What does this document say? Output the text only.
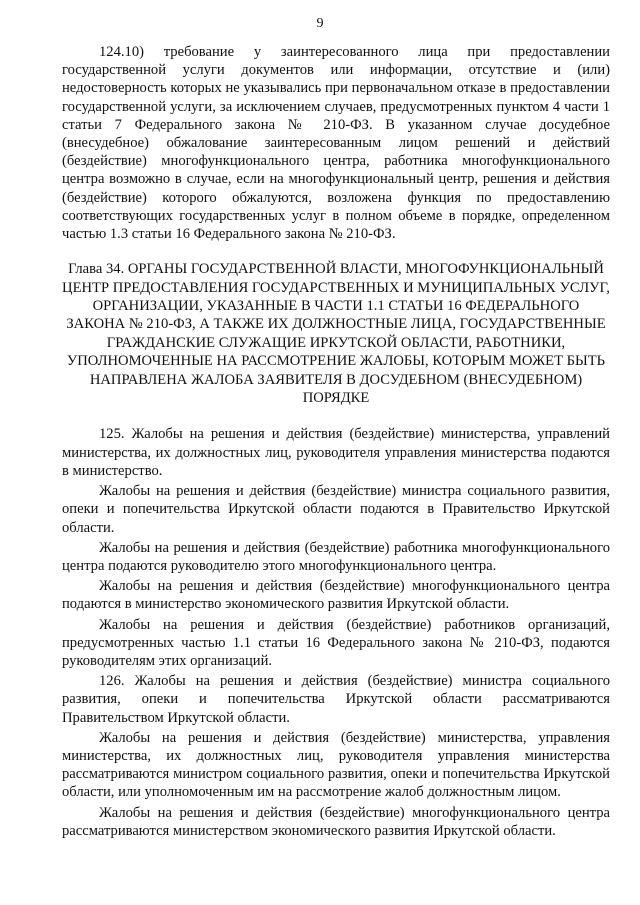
9

124.10) требование у заинтересованного лица при предоставлении государственной услуги документов или информации, отсутствие и (или) недостоверность которых не указывались при первоначальном отказе в предоставлении государственной услуги, за исключением случаев, предусмотренных пунктом 4 части 1 статьи 7 Федерального закона № 210-ФЗ. В указанном случае досудебное (внесудебное) обжалование заинтересованным лицом решений и действий (бездействие) многофункционального центра, работника многофункционального центра возможно в случае, если на многофункциональный центр, решения и действия (бездействие) которого обжалуются, возложена функция по предоставлению соответствующих государственных услуг в полном объеме в порядке, определенном частью 1.3 статьи 16 Федерального закона № 210-ФЗ.

Глава 34. ОРГАНЫ ГОСУДАРСТВЕННОЙ ВЛАСТИ, МНОГОФУНКЦИОНАЛЬНЫЙ ЦЕНТР ПРЕДОСТАВЛЕНИЯ ГОСУДАРСТВЕННЫХ И МУНИЦИПАЛЬНЫХ УСЛУГ, ОРГАНИЗАЦИИ, УКАЗАННЫЕ В ЧАСТИ 1.1 СТАТЬИ 16 ФЕДЕРАЛЬНОГО ЗАКОНА № 210-ФЗ, А ТАКЖЕ ИХ ДОЛЖНОСТНЫЕ ЛИЦА, ГОСУДАРСТВЕННЫЕ ГРАЖДАНСКИЕ СЛУЖАЩИЕ ИРКУТСКОЙ ОБЛАСТИ, РАБОТНИКИ, УПОЛНОМОЧЕННЫЕ НА РАССМОТРЕНИЕ ЖАЛОБЫ, КОТОРЫМ МОЖЕТ БЫТЬ НАПРАВЛЕНА ЖАЛОБА ЗАЯВИТЕЛЯ В ДОСУДЕБНОМ (ВНЕСУДЕБНОМ) ПОРЯДКЕ

125. Жалобы на решения и действия (бездействие) министерства, управлений министерства, их должностных лиц, руководителя управления министерства подаются в министерство.

Жалобы на решения и действия (бездействие) министра социального развития, опеки и попечительства Иркутской области подаются в Правительство Иркутской области.

Жалобы на решения и действия (бездействие) работника многофункционального центра подаются руководителю этого многофункционального центра.

Жалобы на решения и действия (бездействие) многофункционального центра подаются в министерство экономического развития Иркутской области.

Жалобы на решения и действия (бездействие) работников организаций, предусмотренных частью 1.1 статьи 16 Федерального закона № 210-ФЗ, подаются руководителям этих организаций.

126. Жалобы на решения и действия (бездействие) министра социального развития, опеки и попечительства Иркутской области рассматриваются Правительством Иркутской области.

Жалобы на решения и действия (бездействие) министерства, управления министерства, их должностных лиц, руководителя управления министерства рассматриваются министром социального развития, опеки и попечительства Иркутской области, или уполномоченным им на рассмотрение жалоб должностным лицом.

Жалобы на решения и действия (бездействие) многофункционального центра рассматриваются министерством экономического развития Иркутской области.
